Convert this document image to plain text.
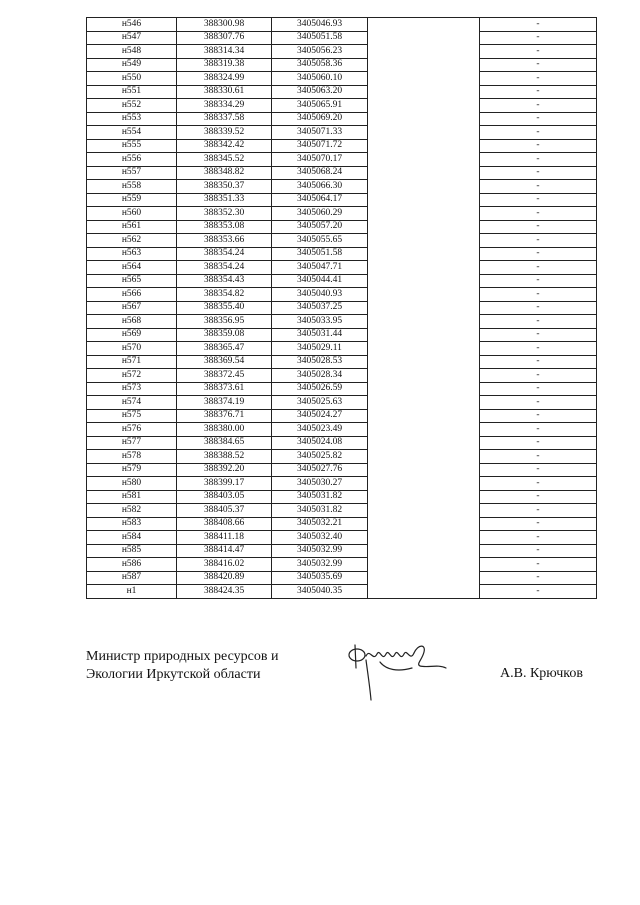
н546	388300.98	3405046.93		-
н547	388307.76	3405051.58		-
н548	388314.34	3405056.23		-
н549	388319.38	3405058.36		-
н550	388324.99	3405060.10		-
н551	388330.61	3405063.20		-
н552	388334.29	3405065.91		-
н553	388337.58	3405069.20		-
н554	388339.52	3405071.33		-
н555	388342.42	3405071.72		-
н556	388345.52	3405070.17		-
н557	388348.82	3405068.24		-
н558	388350.37	3405066.30		-
н559	388351.33	3405064.17		-
н560	388352.30	3405060.29		-
н561	388353.08	3405057.20		-
н562	388353.66	3405055.65		-
н563	388354.24	3405051.58		-
н564	388354.24	3405047.71		-
н565	388354.43	3405044.41		-
н566	388354.82	3405040.93		-
н567	388355.40	3405037.25		-
н568	388356.95	3405033.95		-
н569	388359.08	3405031.44		-
н570	388365.47	3405029.11		-
н571	388369.54	3405028.53		-
н572	388372.45	3405028.34		-
н573	388373.61	3405026.59		-
н574	388374.19	3405025.63		-
н575	388376.71	3405024.27		-
н576	388380.00	3405023.49		-
н577	388384.65	3405024.08		-
н578	388388.52	3405025.82		-
н579	388392.20	3405027.76		-
н580	388399.17	3405030.27		-
н581	388403.05	3405031.82		-
н582	388405.37	3405031.82		-
н583	388408.66	3405032.21		-
н584	388411.18	3405032.40		-
н585	388414.47	3405032.99		-
н586	388416.02	3405032.99		-
н587	388420.89	3405035.69		-
н1	388424.35	3405040.35		-
Министр природных ресурсов и
Экологии Иркутской области	А.В. Крючков
